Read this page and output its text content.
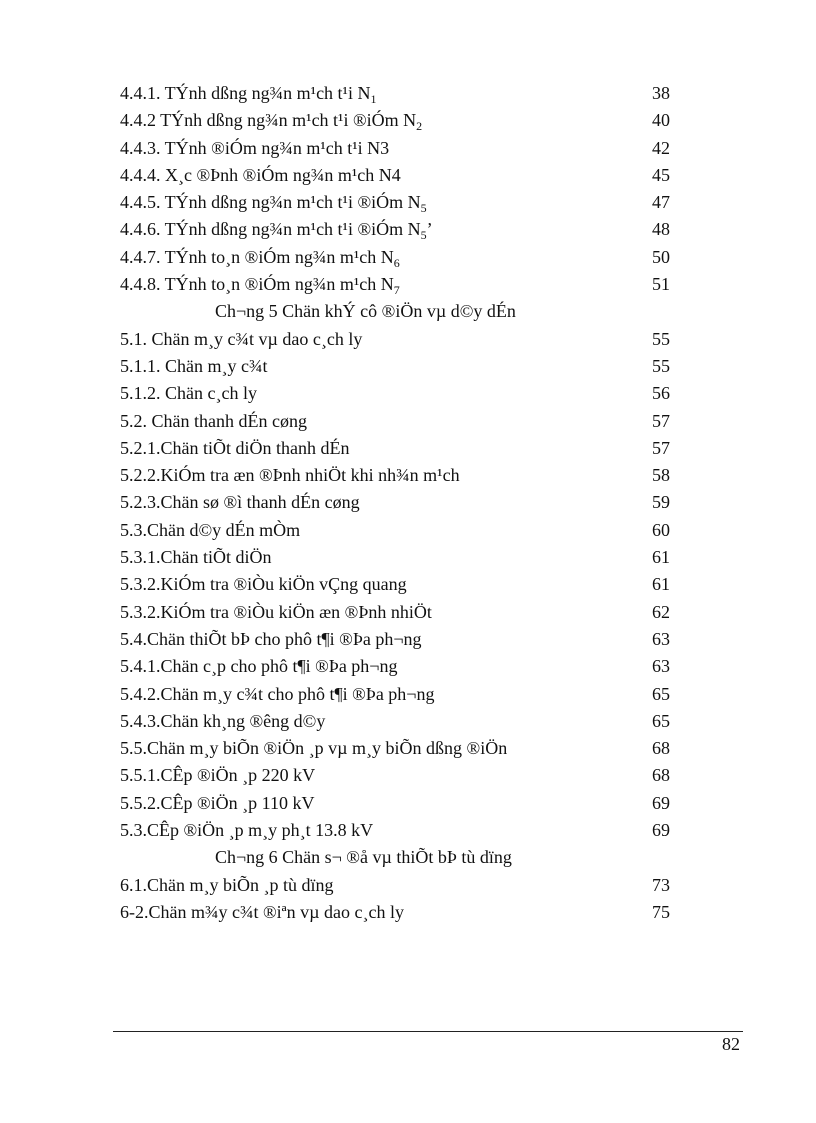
4.4.1. TÝnh dßng ng¾n m¹ch t¹i $N_1$	38
4.4.2 TÝnh dßng ng¾n m¹ch t¹i ®iÓm $N_2$	40
4.4.3. TÝnh ®iÓm ng¾n m¹ch t¹i N3	42
4.4.4. X¸c ®Þnh ®iÓm ng¾n m¹ch N4	45
4.4.5. TÝnh dßng ng¾n m¹ch t¹i ®iÓm $N_5$	47
4.4.6. TÝnh dßng ng¾n m¹ch t¹i ®iÓm $N_5$’	48
4.4.7. TÝnh to¸n ®iÓm ng¾n m¹ch $N_6$	50
4.4.8. TÝnh to¸n ®iÓm ng¾n m¹ch $N_7$	51
Ch¬ng 5 Chän khÝ cô ®iÖn vµ d©y dÉn
5.1. Chän m¸y c¾t vµ dao c¸ch ly	55
5.1.1. Chän m¸y c¾t	55
5.1.2. Chän c¸ch ly	56
5.2. Chän thanh dÉn cøng	57
5.2.1.Chän tiÕt diÖn thanh dÉn	57
5.2.2.KiÓm tra æn ®Þnh nhiÖt khi nh¾n m¹ch	58
5.2.3.Chän sø ®ì thanh dÉn cøng	59
5.3.Chän d©y dÉn mÒm	60
5.3.1.Chän tiÕt diÖn	61
5.3.2.KiÓm tra ®iÒu kiÖn vÇng quang	61
5.3.2.KiÓm tra ®iÒu kiÖn æn ®Þnh nhiÖt	62
5.4.Chän thiÕt bÞ cho phô t¶i ®Þa ph¬ng	63
5.4.1.Chän c¸p cho phô t¶i ®Þa ph¬ng	63
5.4.2.Chän m¸y c¾t cho phô t¶i ®Þa ph¬ng	65
5.4.3.Chän kh¸ng ®êng d©y	65
5.5.Chän m¸y biÕn ®iÖn ¸p vµ m¸y biÕn dßng ®iÖn	68
5.5.1.CÊp ®iÖn ¸p 220 kV	68
5.5.2.CÊp ®iÖn ¸p 110 kV	69
5.3.CÊp ®iÖn ¸p m¸y ph¸t 13.8 kV	69
Ch¬ng 6 Chän s¬ ®å vµ thiÕt bÞ tù dïng
6.1.Chän m¸y biÕn ¸p tù dïng	73
6-2.Chän m¾y c¾t ®iªn vµ dao c¸ch ly	75
82
